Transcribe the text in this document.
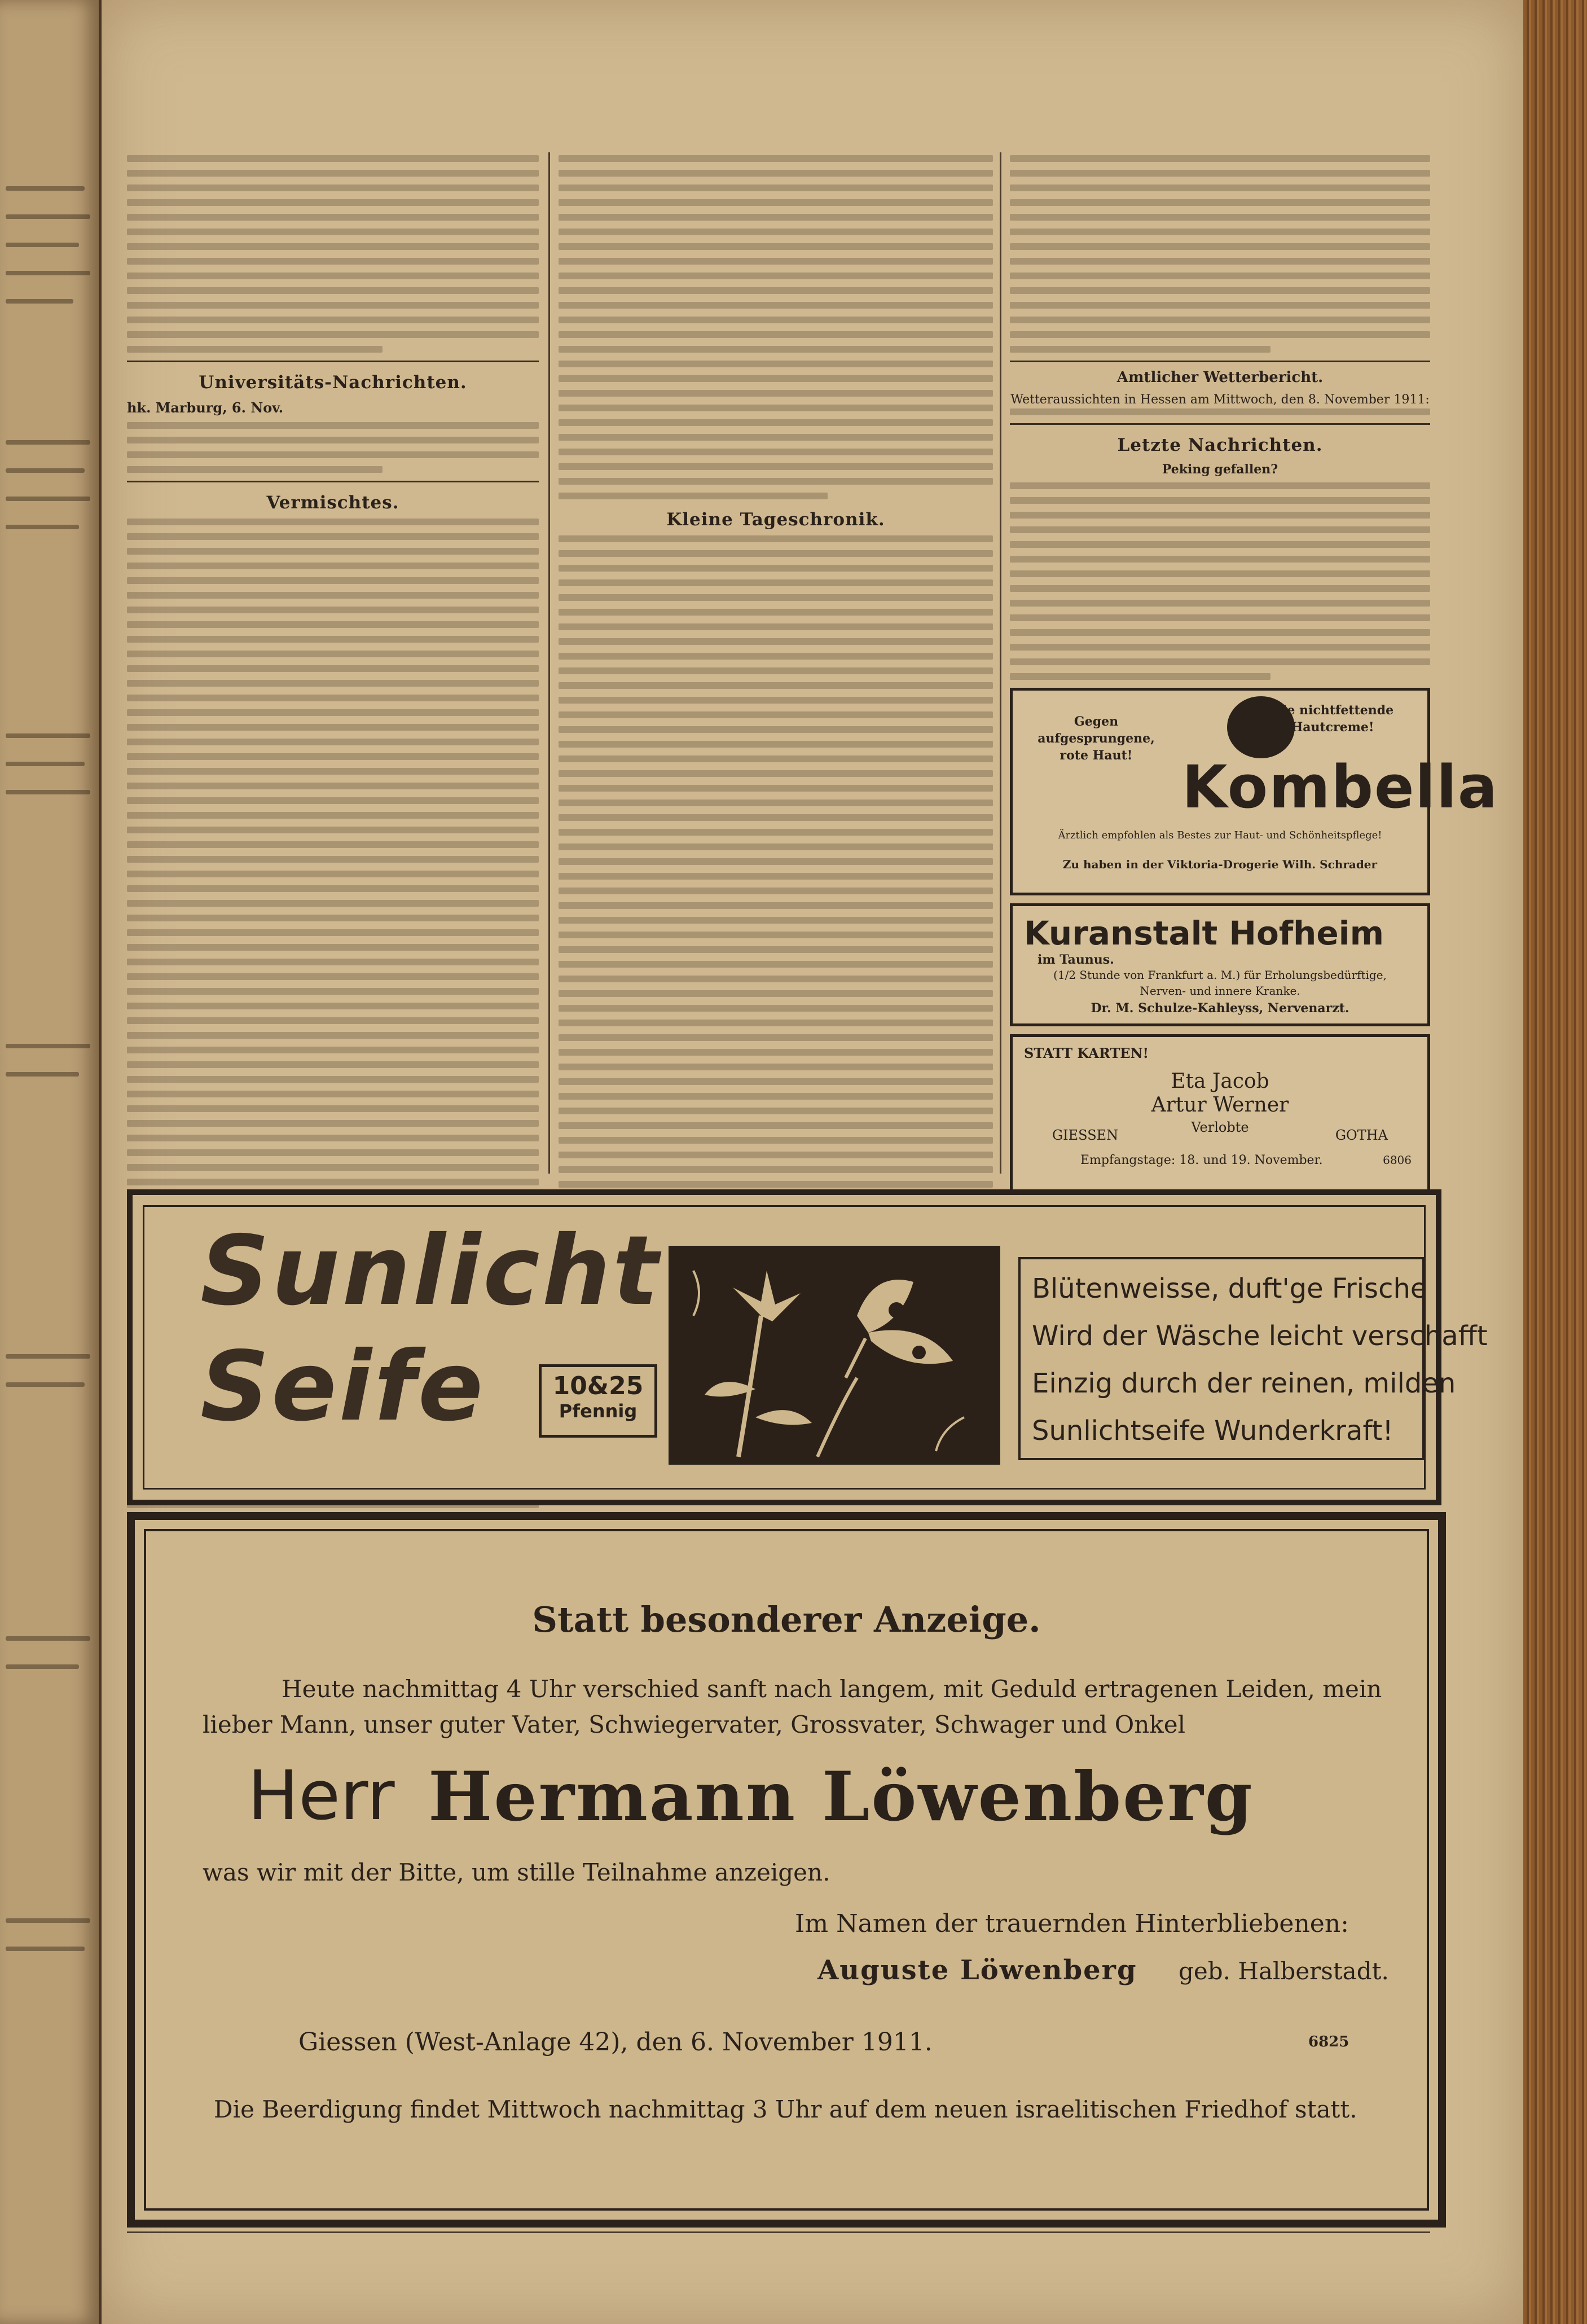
Universitäts-Nachrichten.
hk. Marburg, 6. Nov.
Vermischtes.
Kleine Tageschronik.
Amtlicher Wetterbericht.
Wetteraussichten in Hessen am Mittwoch, den 8. November 1911:
Letzte Nachrichten.
Peking gefallen?
Gegen aufgesprungene, rote Haut!
Die nichtfettende Hautcreme!
Kombella
Ärztlich empfohlen als Bestes zur Haut- und Schönheitspflege!
Zu haben in der Viktoria-Drogerie Wilh. Schrader
Kuranstalt Hofheim im Taunus.
(1/2 Stunde von Frankfurt a. M.) für Erholungsbedürftige,
Nerven- und innere Kranke.
Dr. M. Schulze-Kahleyss, Nervenarzt.
STATT KARTEN!
Eta Jacob
Artur Werner
Verlobte
GIESSEN	GOTHA
Empfangstage: 18. und 19. November.	6806
Sunlicht
Seife	10&25
Pfennig
Blütenweisse, duft'ge Frische
Wird der Wäsche leicht verschafft
Einzig durch der reinen, milden
Sunlichtseife Wunderkraft!
Statt besonderer Anzeige.
Heute nachmittag 4 Uhr verschied sanft nach langem, mit Geduld ertragenen Leiden, mein
lieber Mann, unser guter Vater, Schwiegervater, Grossvater, Schwager und Onkel
Herr Hermann Löwenberg
was wir mit der Bitte, um stille Teilnahme anzeigen.
Im Namen der trauernden Hinterbliebenen:
Auguste Löwenberg geb. Halberstadt.
Giessen (West-Anlage 42), den 6. November 1911.	6825
Die Beerdigung findet Mittwoch nachmittag 3 Uhr auf dem neuen israelitischen Friedhof statt.
